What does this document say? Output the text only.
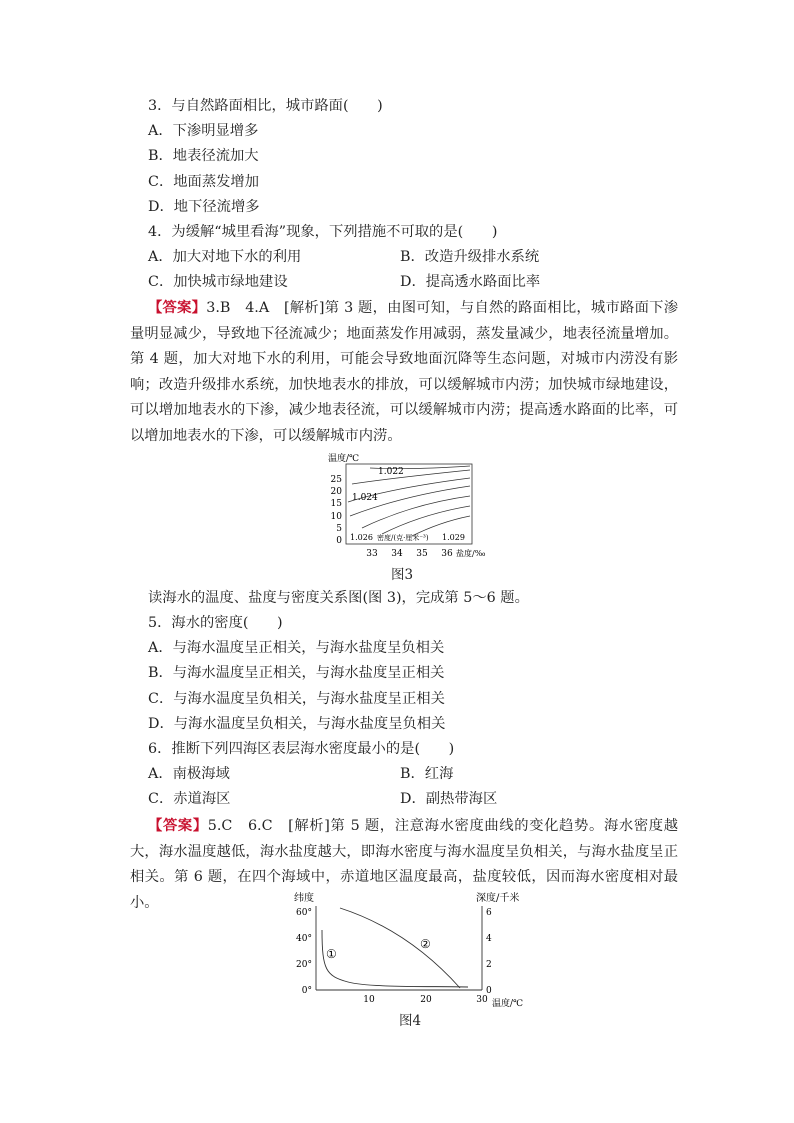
3．与自然路面相比，城市路面(　　)
A．下渗明显增多
B．地表径流加大
C．地面蒸发增加
D．地下径流增多
4．为缓解“城里看海”现象，下列措施不可取的是(　　)
A．加大对地下水的利用	B．改造升级排水系统
C．加快城市绿地建设	D．提高透水路面比率
【答案】3.B　4.A　[解析]第 3 题，由图可知，与自然的路面相比，城市路面下渗量明显减少，导致地下径流减少；地面蒸发作用减弱，蒸发量减少，地表径流量增加。第 4 题，加大对地下水的利用，可能会导致地面沉降等生态问题，对城市内涝没有影响；改造升级排水系统，加快地表水的排放，可以缓解城市内涝；加快城市绿地建设，可以增加地表水的下渗，减少地表径流，可以缓解城市内涝；提高透水路面的比率，可以增加地表水的下渗，可以缓解城市内涝。
温度/℃
25
20
15
10
5
0
1.022
1.024
1.026 密度/(克·厘米⁻³) 1.029
33 34 35 36 盐度/‰
图3
读海水的温度、盐度与密度关系图(图 3)，完成第 5～6 题。
5．海水的密度(　　)
A．与海水温度呈正相关，与海水盐度呈负相关
B．与海水温度呈正相关，与海水盐度呈正相关
C．与海水温度呈负相关，与海水盐度呈正相关
D．与海水温度呈负相关，与海水盐度呈负相关
6．推断下列四海区表层海水密度最小的是(　　)
A．南极海域	B．红海
C．赤道海区	D．副热带海区
【答案】5.C　6.C　[解析]第 5 题，注意海水密度曲线的变化趋势。海水密度越大，海水温度越低，海水盐度越大，即海水密度与海水温度呈负相关，与海水盐度呈正相关。第 6 题，在四个海域中，赤道地区温度最高，盐度较低，因而海水密度相对最小。	纬度	深度/千米
60°
40°
20°
0°
6
4
2
0
10	20	30 温度/℃
①
②
图4
